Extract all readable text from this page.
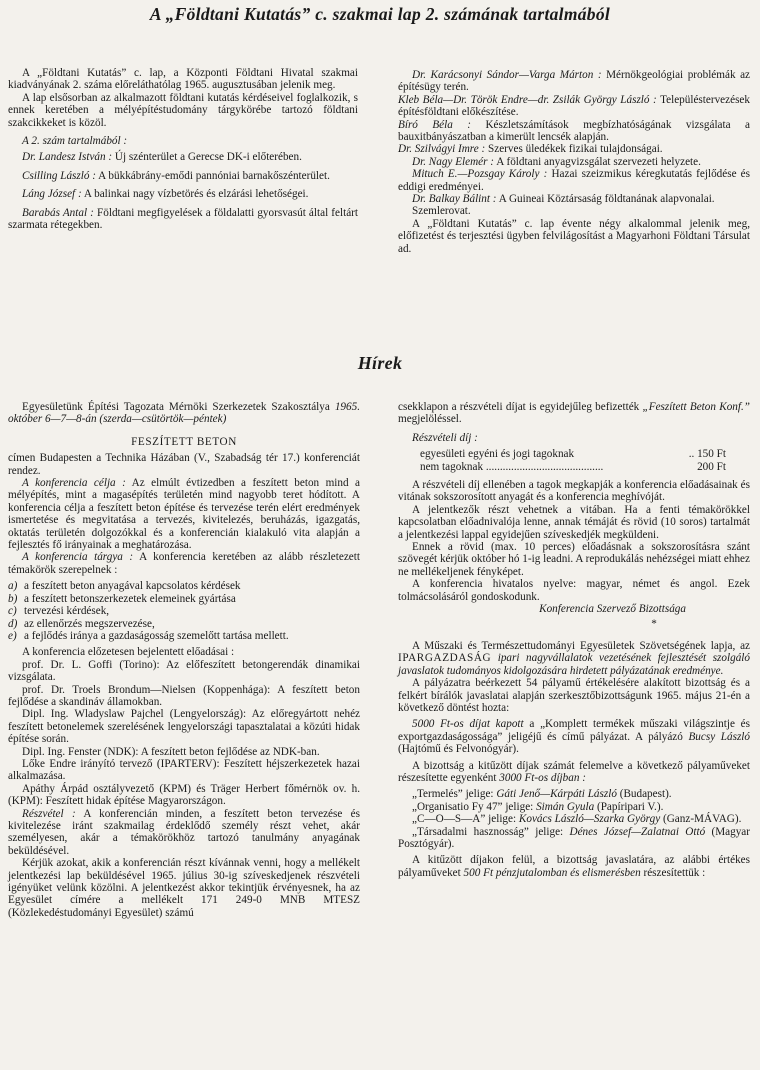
A „Földtani Kutatás” c. szakmai lap 2. számának tartalmából

A „Földtani Kutatás” c. lap, a Központi Földtani Hivatal szakmai kiadványának 2. száma előreláthatólag 1965. augusztusában jelenik meg.

A lap elsősorban az alkalmazott földtani kutatás kérdéseivel foglalkozik, s ennek keretében a mélyépítéstudomány tárgykörébe tartozó földtani szakcikkeket is közöl.

A 2. szám tartalmából :

Dr. Landesz István : Új szénterület a Gerecse DK-i előterében.

Csilling László : A bükkábrány-emődi pannóniai barnakőszénterület.

Láng József : A balinkai nagy vízbetörés és elzárási lehetőségei.

Barabás Antal : Földtani megfigyelések a földalatti gyorsvasút által feltárt szarmata rétegekben.

Dr. Karácsonyi Sándor—Varga Márton : Mérnökgeológiai problémák az építésügy terén.

Kleb Béla—Dr. Török Endre—dr. Zsilák György László : Településtervezések építésföldtani előkészítése.

Bíró Béla : Készletszámítások megbízhatóságának vizsgálata a bauxitbányászatban a kimerült lencsék alapján.

Dr. Szilvágyi Imre : Szerves üledékek fizikai tulajdonságai.

Dr. Nagy Elemér : A földtani anyagvizsgálat szervezeti helyzete.

Mituch E.—Pozsgay Károly : Hazai szeizmikus kéregkutatás fejlődése és eddigi eredményei.

Dr. Balkay Bálint : A Guineai Köztársaság földtanának alapvonalai.

Szemlerovat.

A „Földtani Kutatás” c. lap évente négy alkalommal jelenik meg, előfizetést és terjesztési ügyben felvilágosítást a Magyarhoni Földtani Társulat ad.

Hírek

Egyesületünk Építési Tagozata Mérnöki Szerkezetek Szakosztálya 1965. október 6—7—8-án (szerda—csütörtök—péntek)

FESZÍTETT BETON

címen Budapesten a Technika Házában (V., Szabadság tér 17.) konferenciát rendez.

A konferencia célja : Az elmúlt évtizedben a feszített beton mind a mélyépítés, mint a magasépítés területén mind nagyobb teret hódított. A konferencia célja a feszített beton építése és tervezése terén elért eredmények ismertetése és megvitatása a tervezés, kivitelezés, beruházás, igazgatás, oktatás területén dolgozókkal és a konferencián kialakuló vita alapján a fejlesztés fő irányainak a meghatározása.

A konferencia tárgya : A konferencia keretében az alább részletezett témakörök szerepelnek :

a) a feszített beton anyagával kapcsolatos kérdések
b) a feszített betonszerkezetek elemeinek gyártása
c) tervezési kérdések,
d) az ellenőrzés megszervezése,
e) a fejlődés iránya a gazdaságosság szemelőtt tartása mellett.

A konferencia előzetesen bejelentett előadásai :

prof. Dr. L. Goffi (Torino): Az előfeszített betongerendák dinamikai vizsgálata.

prof. Dr. Troels Brondum—Nielsen (Koppenhága): A feszített beton fejlődése a skandináv államokban.

Dipl. Ing. Wladyslaw Pajchel (Lengyelország): Az előregyártott nehéz feszített betonelemek szerelésének lengyelországi tapasztalatai a közúti hidak építése során.

Dipl. Ing. Fenster (NDK): A feszített beton fejlődése az NDK-ban.

Lőke Endre irányító tervező (IPARTERV): Feszített héjszerkezetek hazai alkalmazása.

Apáthy Árpád osztályvezető (KPM) és Träger Herbert főmérnök ov. h. (KPM): Feszített hidak építése Magyarországon.

Részvétel : A konferencián minden, a feszített beton tervezése és kivitelezése iránt szakmailag érdeklődő személy részt vehet, akár személyesen, akár a témakörökhöz tartozó tanulmány anyagának beküldésével.

Kérjük azokat, akik a konferencián részt kívánnak venni, hogy a mellékelt jelentkezési lap beküldésével 1965. július 30-ig szíveskedjenek részvételi igényüket velünk közölni. A jelentkezést akkor tekintjük érvényesnek, ha az Egyesület címére a mellékelt 171 249-0 MNB MTESZ (Közlekedéstudományi Egyesület) számú

csekklapon a részvételi díjat is egyidejűleg befizették „Feszített Beton Konf.” megjelöléssel.

Részvételi díj :

egyesületi egyéni és jogi tagoknak	.. 150 Ft
nem tagoknak .....	200 Ft

A részvételi díj ellenében a tagok megkapják a konferencia előadásainak és vitának sokszorosított anyagát és a konferencia meghívóját.

A jelentkezők részt vehetnek a vitában. Ha a fenti témakörökkel kapcsolatban előadnivalója lenne, annak témáját és rövid (10 soros) tartalmát a jelentkezési lappal egyidejűen szíveskedjék megküldeni.

Ennek a rövid (max. 10 perces) előadásnak a sokszorosításra szánt szövegét kérjük október hó 1-ig leadni. A reprodukálás nehézségei miatt ehhez ne mellékeljenek fényképet.

A konferencia hivatalos nyelve: magyar, német és angol. Ezek tolmácsolásáról gondoskodunk.

Konferencia Szervező Bizottsága

*

A Műszaki és Természettudományi Egyesületek Szövetségének lapja, az IPARGAZDASÁG ipari nagyvállalatok vezetésének fejlesztését szolgáló javaslatok tudományos kidolgozására hirdetett pályázatának eredménye.

A pályázatra beérkezett 54 pályamű értékelésére alakított bizottság és a felkért bírálók javaslatai alapján szerkesztőbizottságunk 1965. május 21-én a következő döntést hozta:

5000 Ft-os díjat kapott a „Komplett termékek műszaki világszintje és exportgazdaságossága” jeligéjű és című pályázat. A pályázó Bucsy László (Hajtómű és Felvonógyár).

A bizottság a kitűzött díjak számát felemelve a következő pályaműveket részesítette egyenként 3000 Ft-os díjban :

„Termelés” jelige: Gáti Jenő—Kárpáti László (Budapest).

„Organisatio Fy 47” jelige: Simán Gyula (Papíripari V.).

„C—O—S—A” jelige: Kovács László—Szarka György (Ganz-MÁVAG).

„Társadalmi hasznosság” jelige: Dénes József—Zalatnai Ottó (Magyar Posztógyár).

A kitűzött díjakon felül, a bizottság javaslatára, az alábbi értékes pályaműveket 500 Ft pénzjutalomban és elismerésben részesítettük :
